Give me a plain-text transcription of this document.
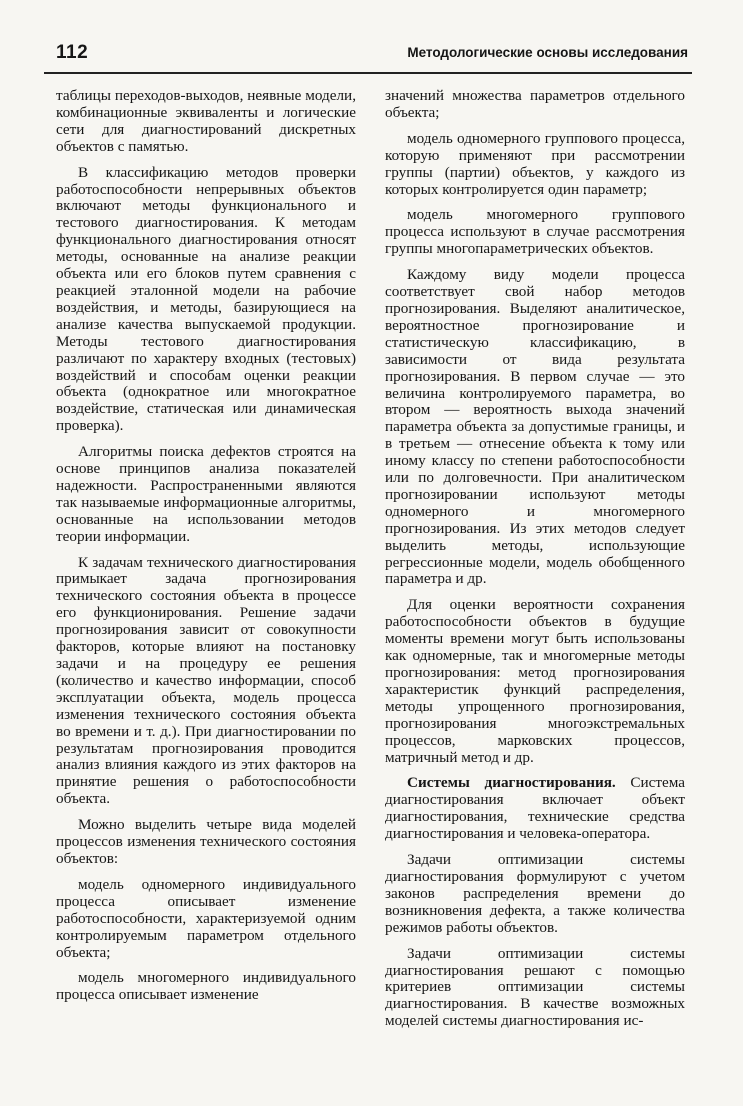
112	Методологические основы исследования

таблицы переходов-выходов, неявные модели, комбинационные эквиваленты и логические сети для диагностирований дискретных объектов с памятью.

В классификацию методов проверки работоспособности непрерывных объектов включают методы функционального и тестового диагностирования. К методам функционального диагностирования относят методы, основанные на анализе реакции объекта или его блоков путем сравнения с реакцией эталонной модели на рабочие воздействия, и методы, базирующиеся на анализе качества выпускаемой продукции. Методы тестового диагностирования различают по характеру входных (тестовых) воздействий и способам оценки реакции объекта (однократное или многократное воздействие, статическая или динамическая проверка).

Алгоритмы поиска дефектов строятся на основе принципов анализа показателей надежности. Распространенными являются так называемые информационные алгоритмы, основанные на использовании методов теории информации.

К задачам технического диагностирования примыкает задача прогнозирования технического состояния объекта в процессе его функционирования. Решение задачи прогнозирования зависит от совокупности факторов, которые влияют на постановку задачи и на процедуру ее решения (количество и качество информации, способ эксплуатации объекта, модель процесса изменения технического состояния объекта во времени и т. д.). При диагностировании по результатам прогнозирования проводится анализ влияния каждого из этих факторов на принятие решения о работоспособности объекта.

Можно выделить четыре вида моделей процессов изменения технического состояния объектов:

модель одномерного индивидуального процесса описывает изменение работоспособности, характеризуемой одним контролируемым параметром отдельного объекта;

модель многомерного индивидуального процесса описывает изменение

значений множества параметров отдельного объекта;

модель одномерного группового процесса, которую применяют при рассмотрении группы (партии) объектов, у каждого из которых контролируется один параметр;

модель многомерного группового процесса используют в случае рассмотрения группы многопараметрических объектов.

Каждому виду модели процесса соответствует свой набор методов прогнозирования. Выделяют аналитическое, вероятностное прогнозирование и статистическую классификацию, в зависимости от вида результата прогнозирования. В первом случае — это величина контролируемого параметра, во втором — вероятность выхода значений параметра объекта за допустимые границы, и в третьем — отнесение объекта к тому или иному классу по степени работоспособности или по долговечности. При аналитическом прогнозировании используют методы одномерного и многомерного прогнозирования. Из этих методов следует выделить методы, использующие регрессионные модели, модель обобщенного параметра и др.

Для оценки вероятности сохранения работоспособности объектов в будущие моменты времени могут быть использованы как одномерные, так и многомерные методы прогнозирования: метод прогнозирования характеристик функций распределения, методы упрощенного прогнозирования, прогнозирования многоэкстремальных процессов, марковских процессов, матричный метод и др.

Системы диагностирования. Система диагностирования включает объект диагностирования, технические средства диагностирования и человека-оператора.

Задачи оптимизации системы диагностирования формулируют с учетом законов распределения времени до возникновения дефекта, а также количества режимов работы объектов.

Задачи оптимизации системы диагностирования решают с помощью критериев оптимизации системы диагностирования. В качестве возможных моделей системы диагностирования ис-
